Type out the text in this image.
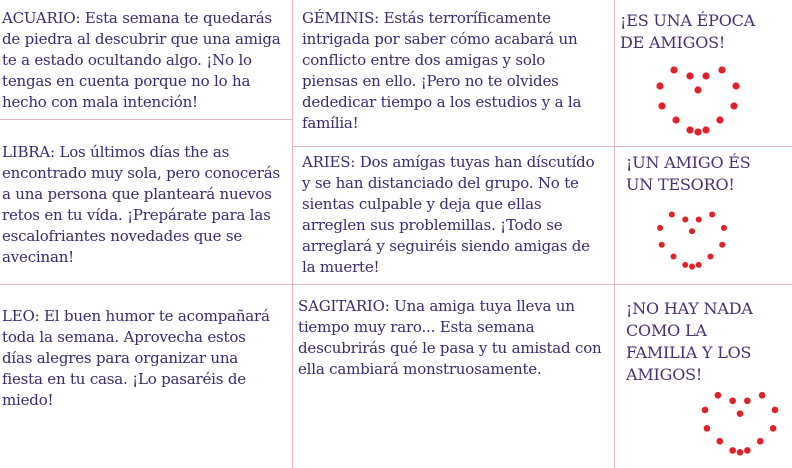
ACUARIO: Esta semana te quedarás de piedra al descubrir que una amiga te a estado ocultando algo. ¡No lo tengas en cuenta porque no lo ha hecho con mala intención!
LIBRA: Los últimos días the as encontrado muy sola, pero conocerás a una persona que planteará nuevos retos en tu vída. ¡Prepárate para las escalofriantes novedades que se avecinan!
LEO: El buen humor te acompañará toda la semana. Aprovecha estos días alegres para organizar una fiesta en tu casa. ¡Lo pasaréis de miedo!
GÉMINIS: Estás terroríficamente intrigada por saber cómo acabará un conflicto entre dos amigas y solo piensas en ello. ¡Pero no te olvides dededicar tiempo a los estudios y a la família!
ARIES: Dos amígas tuyas han díscutído y se han distanciado del grupo. No te sientas culpable y deja que ellas arreglen sus problemillas. ¡Todo se arreglará y seguiréis siendo amigas de la muerte!
SAGITARIO: Una amiga tuya lleva un tiempo muy raro... Esta semana descubrirás qué le pasa y tu amistad con ella cambiará monstruosamente.
¡ES UNA ÉPOCA DE AMIGOS!
¡UN AMIGO ÉS UN TESORO!
¡NO HAY NADA COMO LA FAMILIA Y LOS AMIGOS!
